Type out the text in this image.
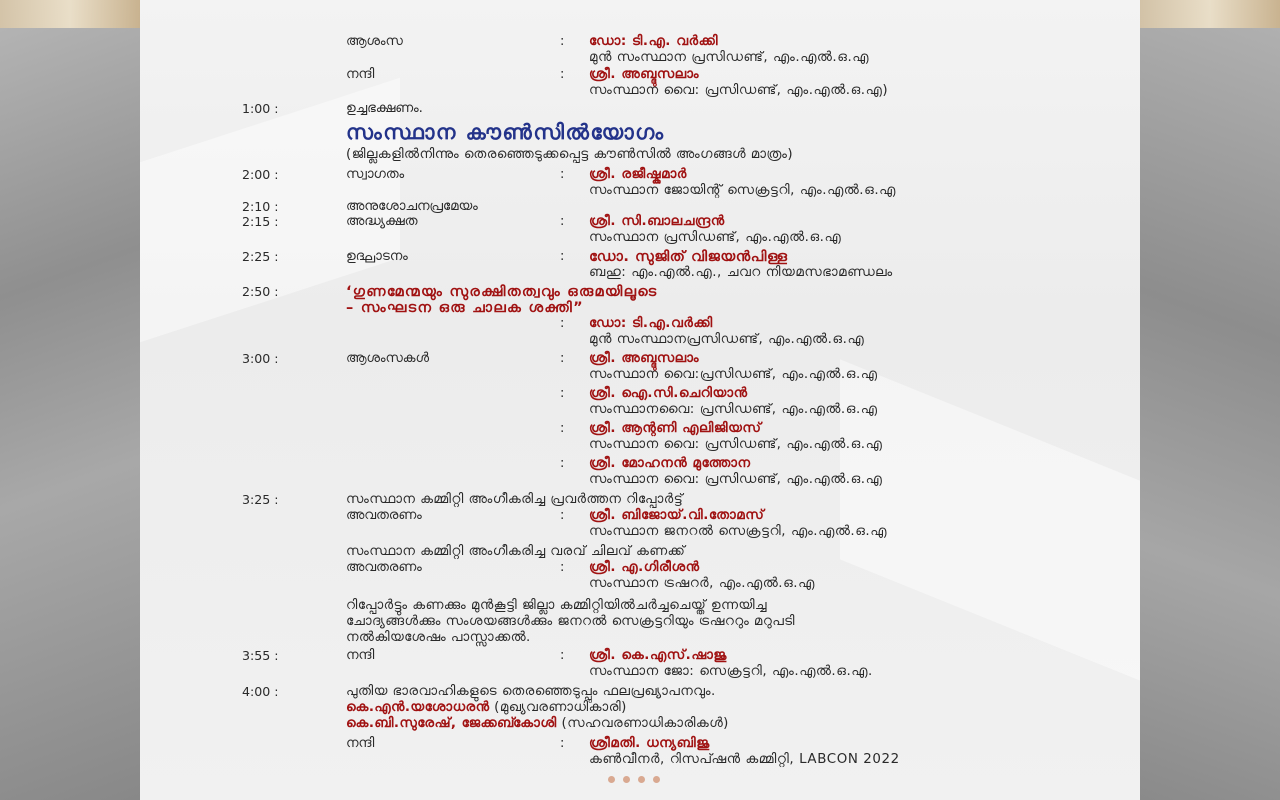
ആശംസ	: ഡോ: ടി.എ. വർക്കി
മുൻ സംസ്ഥാന പ്രസിഡണ്ട്, എം.എൽ.ഒ.എ
നന്ദി	: ശ്രീ. അബ്ദുസലാം
സംസ്ഥാന വൈ: പ്രസിഡണ്ട്, എം.എൽ.ഒ.എ)
1:00 :	ഉച്ചഭക്ഷണം.
സംസ്ഥാന കൗൺസിൽയോഗം
(ജില്ലകളിൽനിന്നും തെരഞ്ഞെടുക്കപ്പെട്ട കൗൺസിൽ അംഗങ്ങൾ മാത്രം)
2:00 :	സ്വാഗതം	: ശ്രീ. രജീഷ്കുമാർ
സംസ്ഥാന ജോയിന്റ് സെക്രട്ടറി, എം.എൽ.ഒ.എ
2:10 :	അനുശോചനപ്രമേയം
2:15 :	അദ്ധ്യക്ഷത	: ശ്രീ. സി.ബാലചന്ദ്രൻ
സംസ്ഥാന പ്രസിഡണ്ട്, എം.എൽ.ഒ.എ
2:25 :	ഉദ്ഘാടനം	: ഡോ. സുജിത് വിജയൻപിള്ള
ബഹു: എം.എൽ.എ., ചവറ നിയമസഭാമണ്ഡലം
2:50 :	‘ഗുണമേന്മയും സുരക്ഷിതത്വവും ഒരുമയിലൂടെ
– സംഘടന ഒരു ചാലക ശക്തി”
: ഡോ: ടി.എ.വർക്കി
മുൻ സംസ്ഥാനപ്രസിഡണ്ട്, എം.എൽ.ഒ.എ
3:00 :	ആശംസകൾ	: ശ്രീ. അബ്ദുസലാം
സംസ്ഥാന വൈ:പ്രസിഡണ്ട്, എം.എൽ.ഒ.എ
: ശ്രീ. ഐ.സി.ചെറിയാൻ
സംസ്ഥാനവൈ: പ്രസിഡണ്ട്, എം.എൽ.ഒ.എ
: ശ്രീ. ആന്റണി എലിജിയസ്
സംസ്ഥാന വൈ: പ്രസിഡണ്ട്, എം.എൽ.ഒ.എ
: ശ്രീ. മോഹനൻ മുത്തോന
സംസ്ഥാന വൈ: പ്രസിഡണ്ട്, എം.എൽ.ഒ.എ
3:25 :	സംസ്ഥാന കമ്മിറ്റി അംഗീകരിച്ച പ്രവർത്തന റിപ്പോർട്ട്
അവതരണം	: ശ്രീ. ബിജോയ്.വി.തോമസ്
സംസ്ഥാന ജനറൽ സെക്രട്ടറി, എം.എൽ.ഒ.എ
സംസ്ഥാന കമ്മിറ്റി അംഗീകരിച്ച വരവ് ചിലവ് കണക്ക്
അവതരണം	: ശ്രീ. എ.ഗിരീശൻ
സംസ്ഥാന ട്രഷറർ, എം.എൽ.ഒ.എ
റിപ്പോർട്ടും കണക്കും മുൻകൂട്ടി ജില്ലാ കമ്മിറ്റിയിൽചർച്ചചെയ്ത് ഉന്നയിച്ച
ചോദ്യങ്ങൾക്കും സംശയങ്ങൾക്കും ജനറൽ സെക്രട്ടറിയും ട്രഷററും മറുപടി
നൽകിയശേഷം പാസ്സാക്കൽ.
3:55 :	നന്ദി	: ശ്രീ. കെ.എസ്.ഷാജു
സംസ്ഥാന ജോ: സെക്രട്ടറി, എം.എൽ.ഒ.എ.
4:00 :	പുതിയ ഭാരവാഹികളുടെ തെരഞ്ഞെടുപ്പും ഫലപ്രഖ്യാപനവും.
കെ.എൻ.യശോധരൻ (മുഖ്യവരണാധികാരി)
കെ.ബി.സുരേഷ്, ജേക്കബ്കോശി (സഹവരണാധികാരികൾ)
നന്ദി	: ശ്രീമതി. ധന്യബിജു
കൺവീനർ, റിസപ്ഷൻ കമ്മിറ്റി, LABCON 2022
